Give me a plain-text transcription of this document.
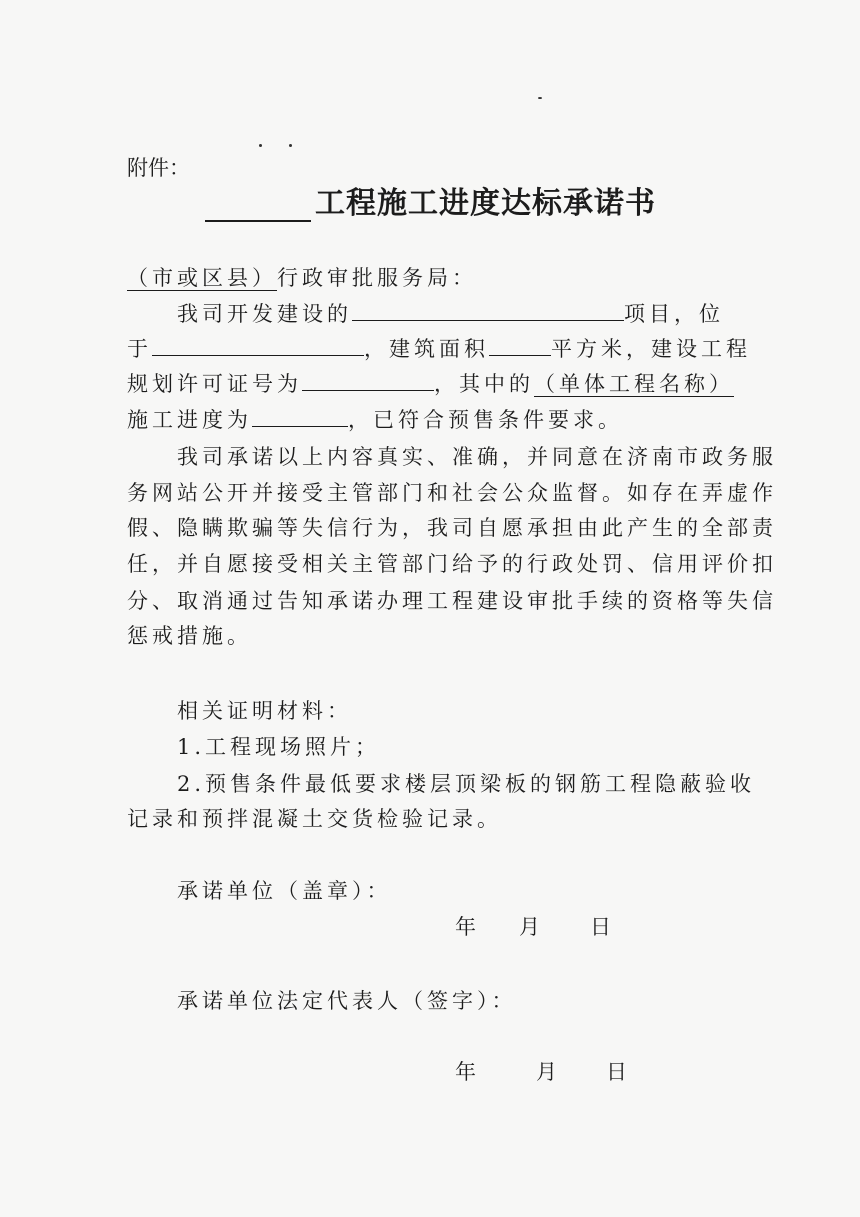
附件：
工程施工进度达标承诺书
（市或区县）行政审批服务局：
我司开发建设的	项目，位
于	，建筑面积	平方米，建设工程
规划许可证号为	，其中的（单体工程名称）
施工进度为	，已符合预售条件要求。
我司承诺以上内容真实、准确，并同意在济南市政务服
务网站公开并接受主管部门和社会公众监督。如存在弄虚作
假、隐瞒欺骗等失信行为，我司自愿承担由此产生的全部责
任，并自愿接受相关主管部门给予的行政处罚、信用评价扣
分、取消通过告知承诺办理工程建设审批手续的资格等失信
惩戒措施。
相关证明材料：
1.工程现场照片；
2.预售条件最低要求楼层顶梁板的钢筋工程隐蔽验收
记录和预拌混凝土交货检验记录。
承诺单位（盖章）：
年 月 日
承诺单位法定代表人（签字）：
年	月 日
